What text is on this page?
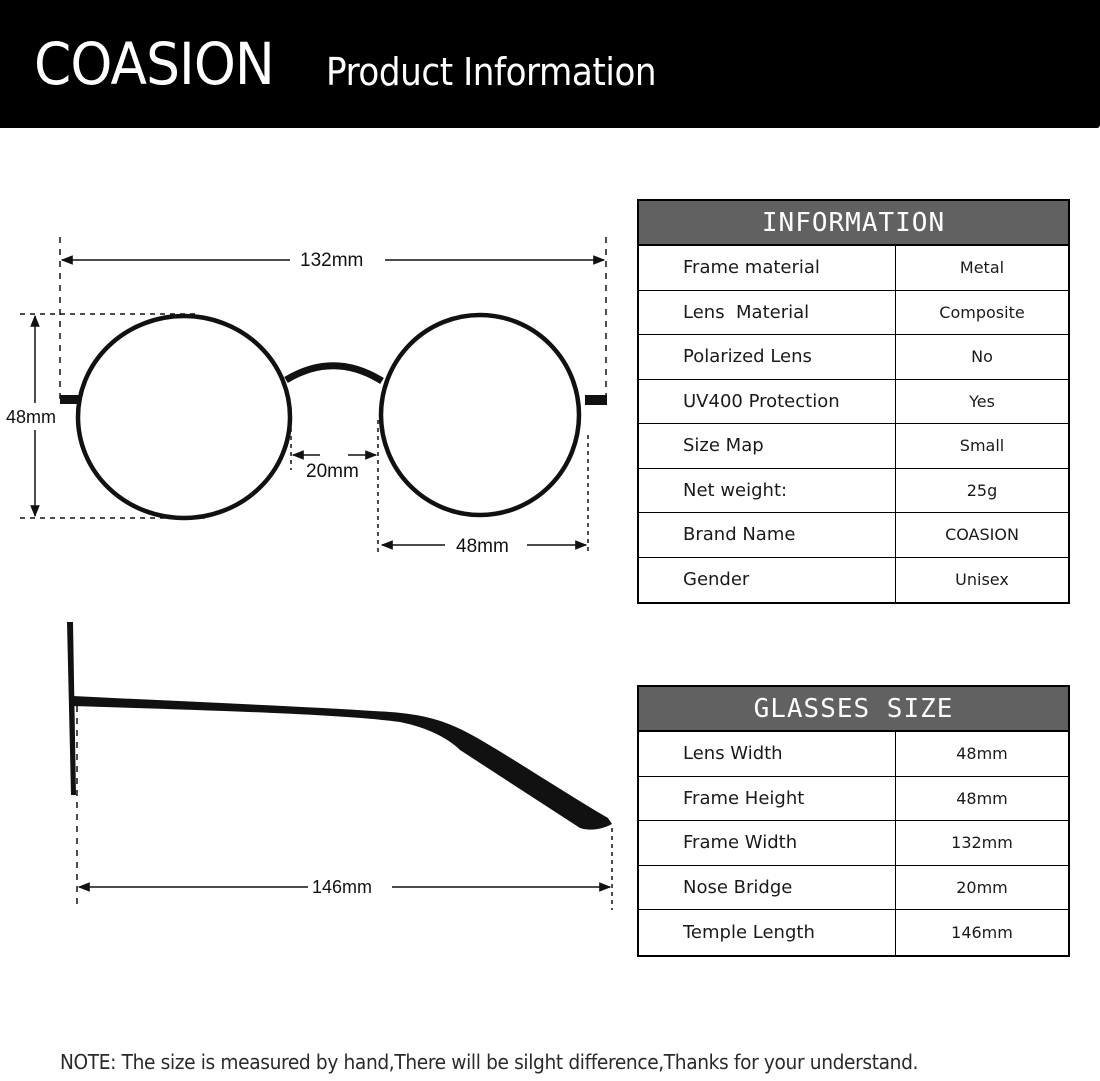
COASION Product Information
132mm
48mm
20mm
48mm
146mm
INFORMATION
Frame material	Metal
Lens  Material	Composite
Polarized Lens	No
UV400 Protection	Yes
Size Map	Small
Net weight:	25g
Brand Name	COASION
Gender	Unisex
GLASSES SIZE
Lens Width	48mm
Frame Height	48mm
Frame Width	132mm
Nose Bridge	20mm
Temple Length	146mm
NOTE: The size is measured by hand,There will be silght difference,Thanks for your understand.
